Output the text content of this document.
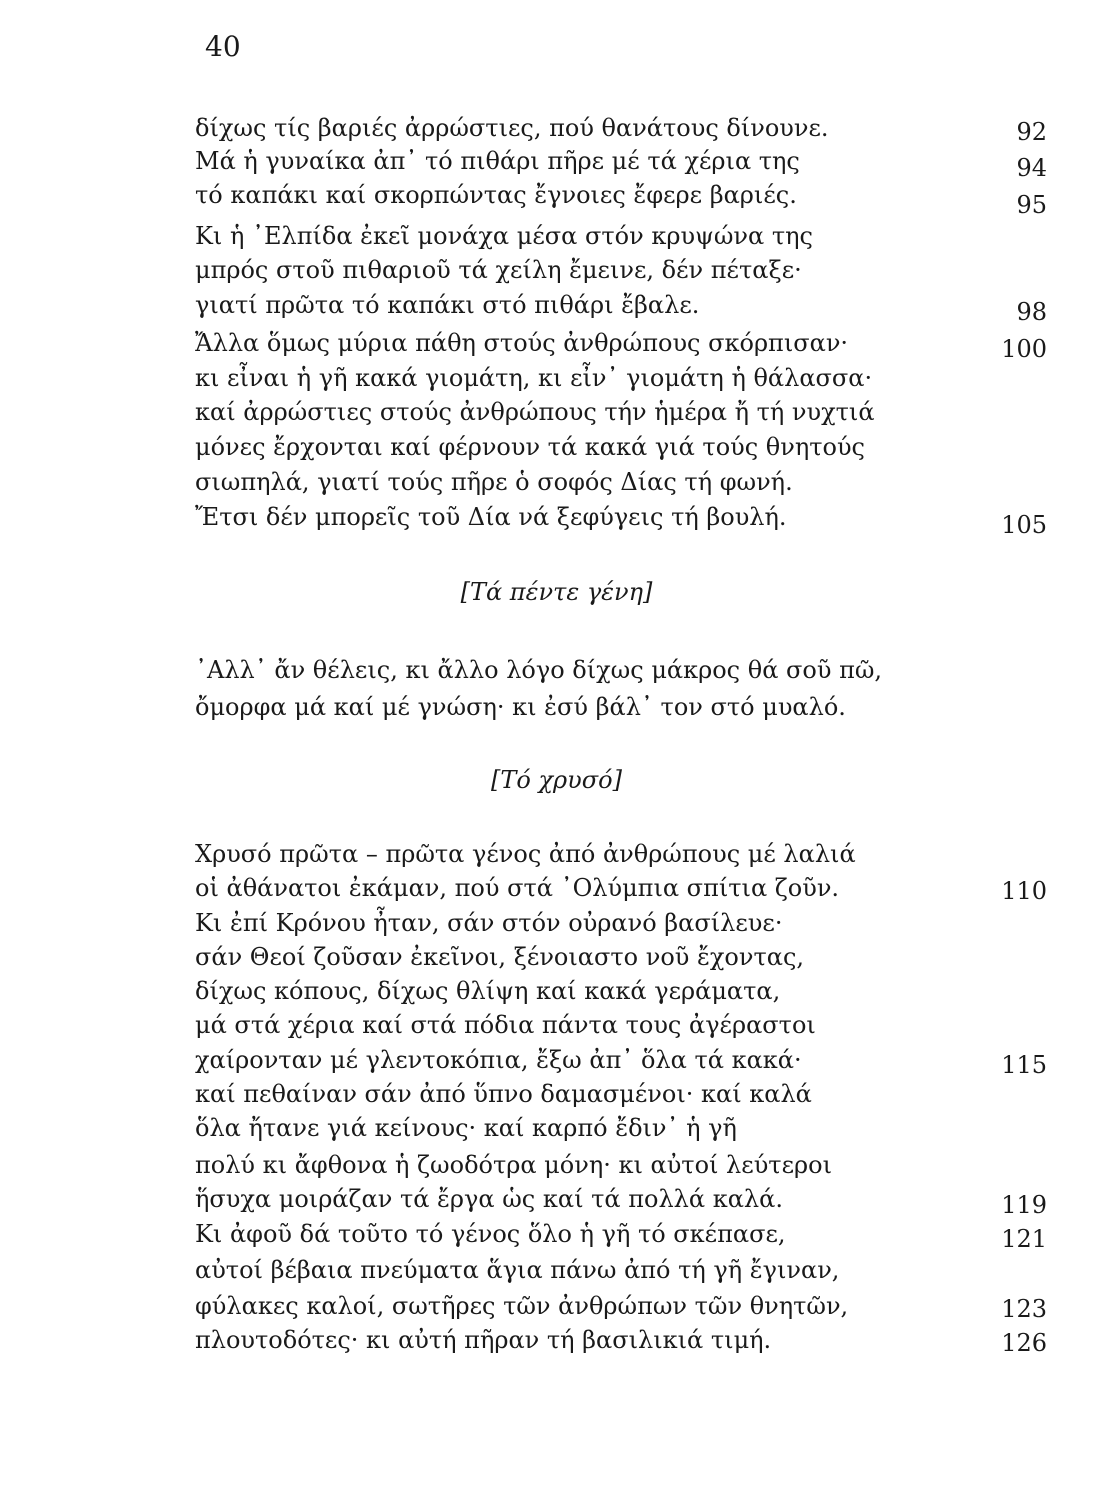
40
δίχως τίς βαριές ἀρρώστιες, πού θανάτους δίνουνε.
Μά ἡ γυναίκα ἀπ᾽ τό πιθάρι πῆρε μέ τά χέρια της
τό καπάκι καί σκορπώντας ἔγνοιες ἔφερε βαριές.
Κι ἡ ᾽Ελπίδα ἐκεῖ μονάχα μέσα στόν κρυψώνα της
μπρός στοῦ πιθαριοῦ τά χείλη ἔμεινε, δέν πέταξε·
γιατί πρῶτα τό καπάκι στό πιθάρι ἔβαλε.
Ἄλλα ὅμως μύρια πάθη στούς ἀνθρώπους σκόρπισαν·
κι εἶναι ἡ γῆ κακά γιομάτη, κι εἶν᾽ γιομάτη ἡ θάλασσα·
καί ἀρρώστιες στούς ἀνθρώπους τήν ἡμέρα ἤ τή νυχτιά
μόνες ἔρχονται καί φέρνουν τά κακά γιά τούς θνητούς
σιωπηλά, γιατί τούς πῆρε ὁ σοφός Δίας τή φωνή.
Ἔτσι δέν μπορεῖς τοῦ Δία νά ξεφύγεις τή βουλή.
92
94
95
98
100
105
[Τά πέντε γένη]
᾽Αλλ᾽ ἄν θέλεις, κι ἄλλο λόγο δίχως μάκρος θά σοῦ πῶ,
ὄμορφα μά καί μέ γνώση· κι ἐσύ βάλ᾽ τον στό μυαλό.
[Τό χρυσό]
Χρυσό πρῶτα – πρῶτα γένος ἀπό ἀνθρώπους μέ λαλιά
οἱ ἀθάνατοι ἐκάμαν, πού στά ᾽Ολύμπια σπίτια ζοῦν.
Κι ἐπί Κρόνου ἦταν, σάν στόν οὐρανό βασίλευε·
σάν Θεοί ζοῦσαν ἐκεῖνοι, ξένοιαστο νοῦ ἔχοντας,
δίχως κόπους, δίχως θλίψη καί κακά γεράματα,
μά στά χέρια καί στά πόδια πάντα τους ἀγέραστοι
χαίρονταν μέ γλεντοκόπια, ἔξω ἀπ᾽ ὅλα τά κακά·
καί πεθαίναν σάν ἀπό ὕπνο δαμασμένοι· καί καλά
ὅλα ἤτανε γιά κείνους· καί καρπό ἔδιν᾽ ἡ γῆ
πολύ κι ἄφθονα ἡ ζωοδότρα μόνη· κι αὐτοί λεύτεροι
ἥσυχα μοιράζαν τά ἔργα ὡς καί τά πολλά καλά.
Κι ἀφοῦ δά τοῦτο τό γένος ὅλο ἡ γῆ τό σκέπασε,
αὐτοί βέβαια πνεύματα ἅγια πάνω ἀπό τή γῆ ἔγιναν,
φύλακες καλοί, σωτῆρες τῶν ἀνθρώπων τῶν θνητῶν,
πλουτοδότες· κι αὐτή πῆραν τή βασιλικιά τιμή.
110
115
119
121
123
126
